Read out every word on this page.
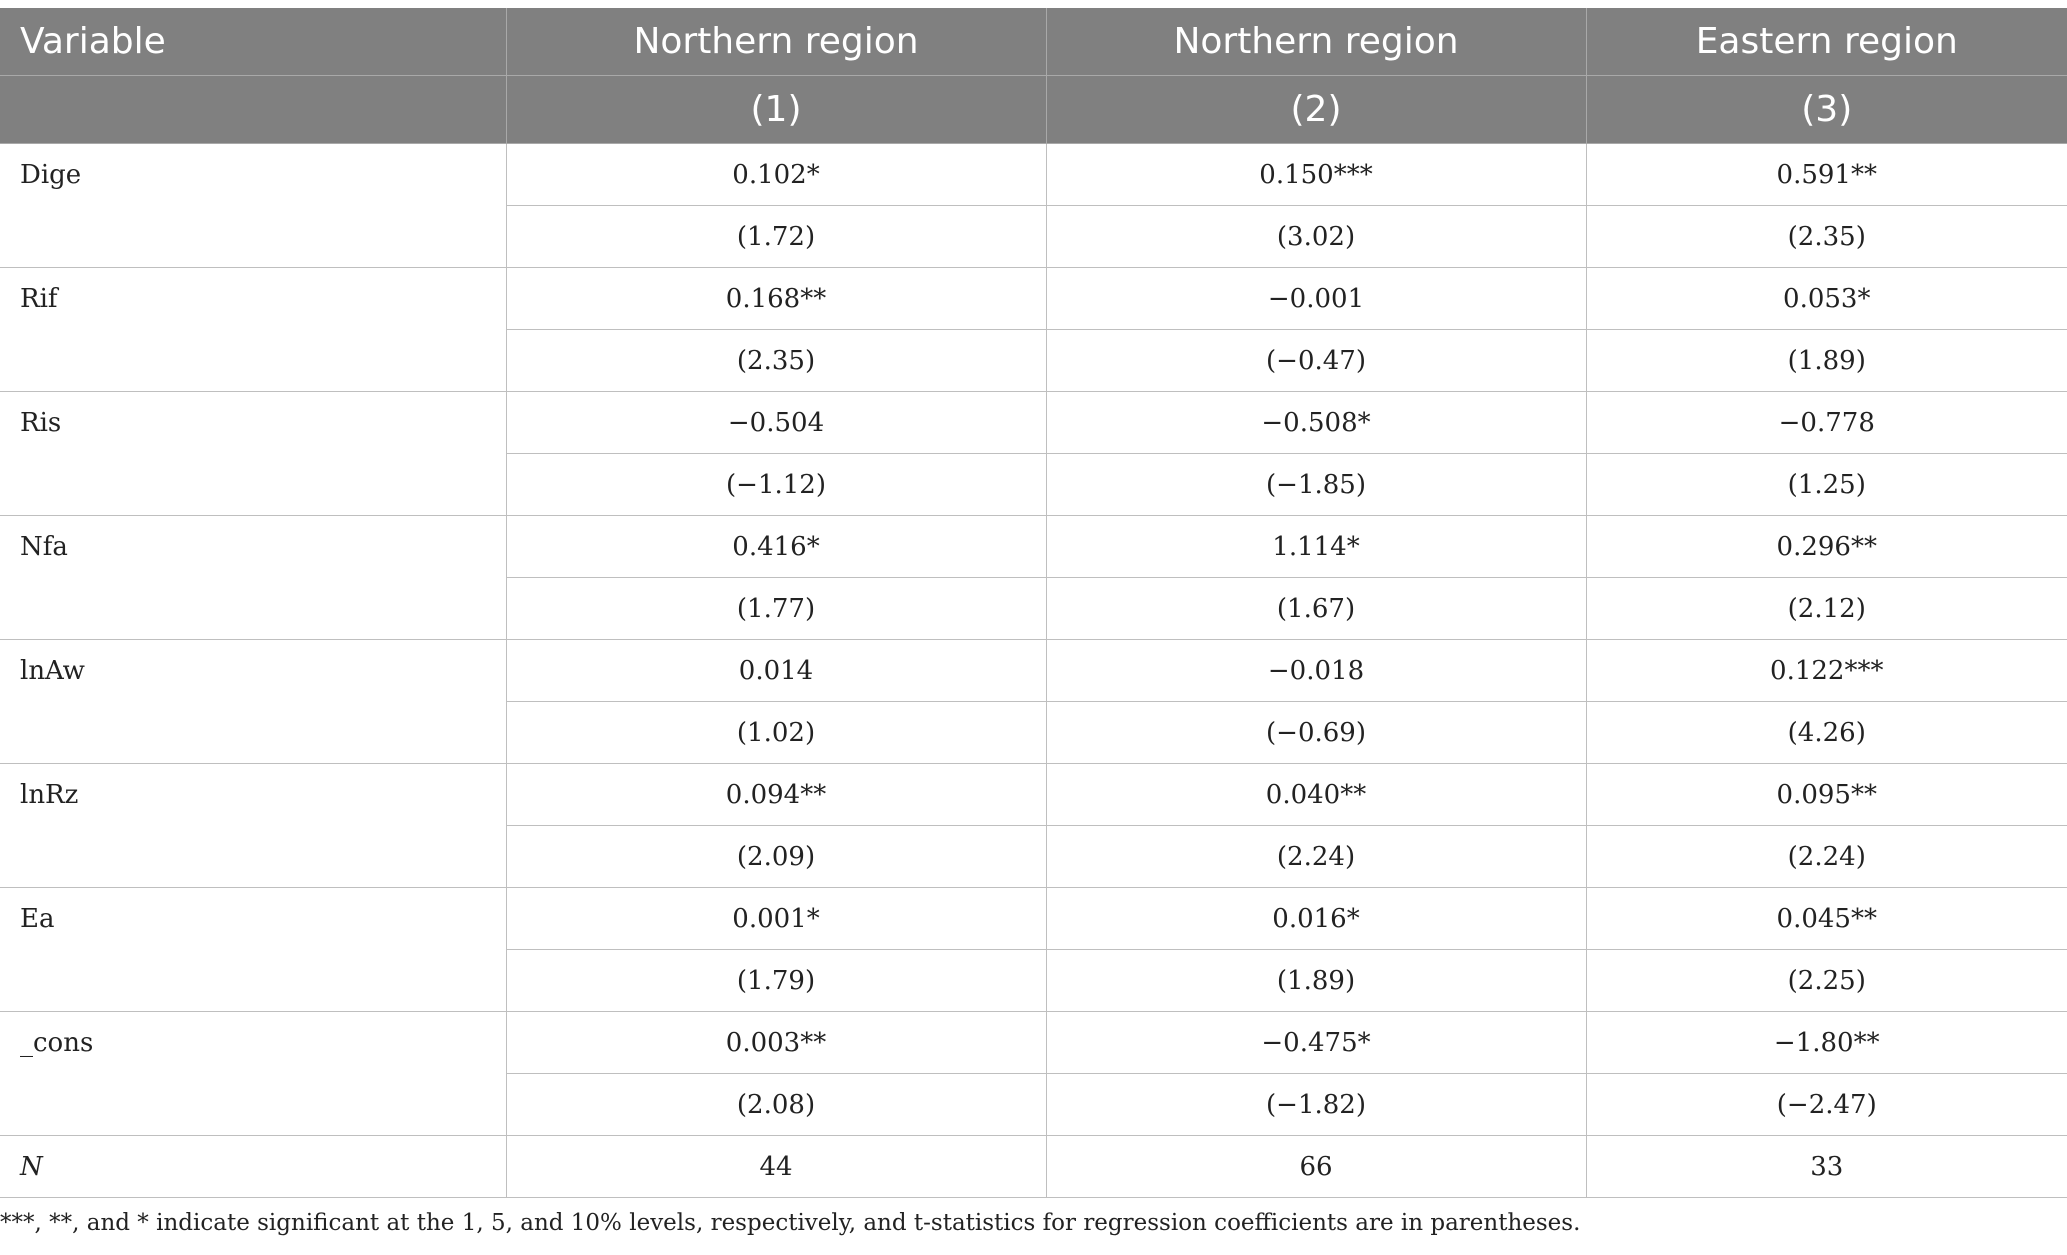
Variable	Northern region	Northern region	Eastern region
	(1)	(2)	(3)
Dige	0.102*	0.150***	0.591**
	(1.72)	(3.02)	(2.35)
Rif	0.168**	−0.001	0.053*
	(2.35)	(−0.47)	(1.89)
Ris	−0.504	−0.508*	−0.778
	(−1.12)	(−1.85)	(1.25)
Nfa	0.416*	1.114*	0.296**
	(1.77)	(1.67)	(2.12)
lnAw	0.014	−0.018	0.122***
	(1.02)	(−0.69)	(4.26)
lnRz	0.094**	0.040**	0.095**
	(2.09)	(2.24)	(2.24)
Ea	0.001*	0.016*	0.045**
	(1.79)	(1.89)	(2.25)
_cons	0.003**	−0.475*	−1.80**
	(2.08)	(−1.82)	(−2.47)
N	44	66	33
***, **, and * indicate significant at the 1, 5, and 10% levels, respectively, and t-statistics for regression coefficients are in parentheses.
